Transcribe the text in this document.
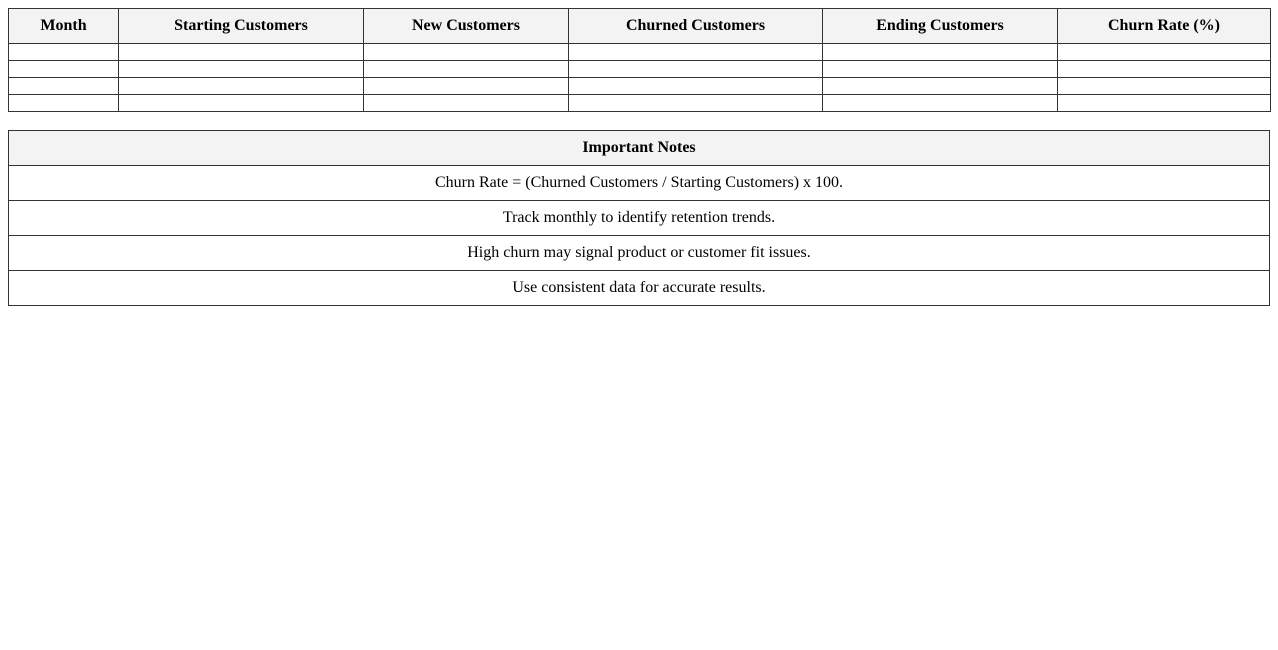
Month	Starting Customers	New Customers	Churned Customers	Ending Customers	Churn Rate (%)

Important Notes
Churn Rate = (Churned Customers / Starting Customers) x 100.
Track monthly to identify retention trends.
High churn may signal product or customer fit issues.
Use consistent data for accurate results.
